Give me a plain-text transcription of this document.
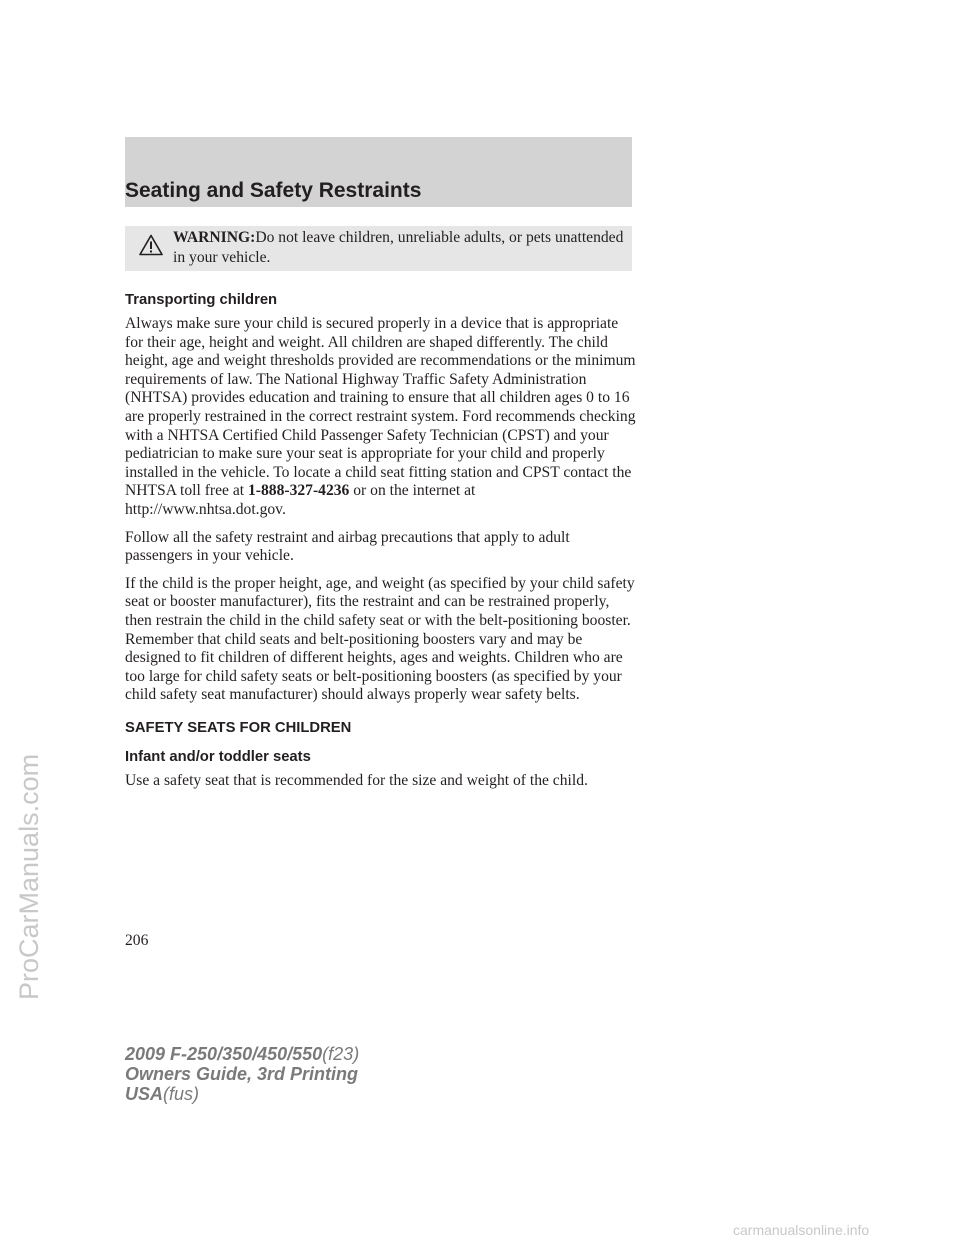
Seating and Safety Restraints
WARNING:Do not leave children, unreliable adults, or pets unattended in your vehicle.
Transporting children

Always make sure your child is secured properly in a device that is appropriate for their age, height and weight. All children are shaped differently. The child height, age and weight thresholds provided are recommendations or the minimum requirements of law. The National Highway Traffic Safety Administration (NHTSA) provides education and training to ensure that all children ages 0 to 16 are properly restrained in the correct restraint system. Ford recommends checking with a NHTSA Certified Child Passenger Safety Technician (CPST) and your pediatrician to make sure your seat is appropriate for your child and properly installed in the vehicle. To locate a child seat fitting station and CPST contact the NHTSA toll free at 1-888-327-4236 or on the internet at http://www.nhtsa.dot.gov.

Follow all the safety restraint and airbag precautions that apply to adult passengers in your vehicle.

If the child is the proper height, age, and weight (as specified by your child safety seat or booster manufacturer), fits the restraint and can be restrained properly, then restrain the child in the child safety seat or with the belt-positioning booster. Remember that child seats and belt-positioning boosters vary and may be designed to fit children of different heights, ages and weights. Children who are too large for child safety seats or belt-positioning boosters (as specified by your child safety seat manufacturer) should always properly wear safety belts.

SAFETY SEATS FOR CHILDREN
Infant and/or toddler seats

Use a safety seat that is recommended for the size and weight of the child.

206
2009 F-250/350/450/550(f23)
Owners Guide, 3rd Printing
USA(fus)
ProCarManuals.com
carmanualsonline.info
